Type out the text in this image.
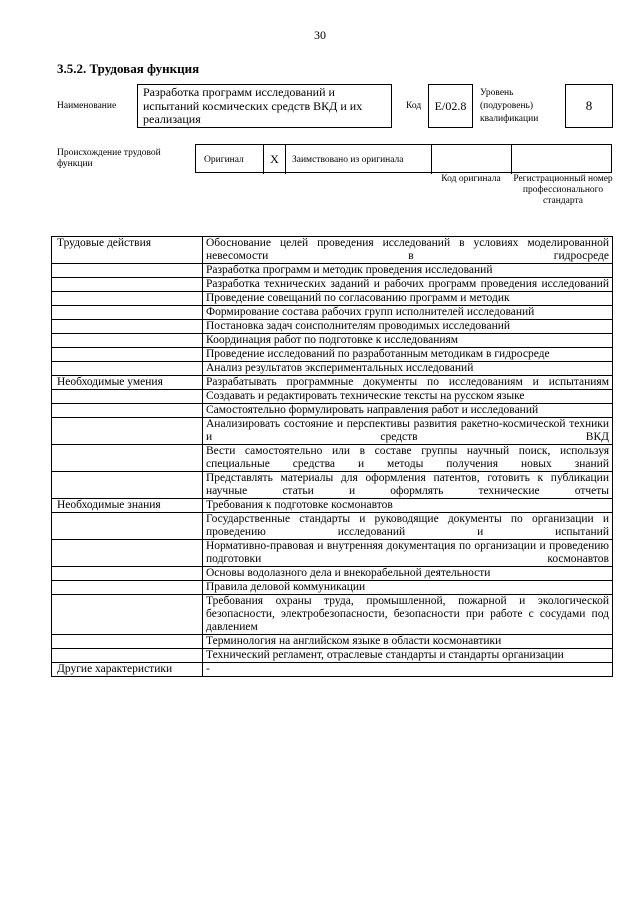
30
3.5.2. Трудовая функция
Наименование
Разработка программ исследований и испытаний космических средств ВКД и их реализация
Код	E/02.8
Уровень
(подуровень)
квалификации
8
Происхождение трудовой функции	Оригинал	X	Заимствовано из оригинала
Код оригинала	Регистрационный номер профессионального стандарта
Трудовые действия	Обоснование целей проведения исследований в условиях моделированной невесомости в гидросреде
	Разработка программ и методик проведения исследований
	Разработка технических заданий и рабочих программ проведения исследований
	Проведение совещаний по согласованию программ и методик
	Формирование состава рабочих групп исполнителей исследований
	Постановка задач соисполнителям проводимых исследований
	Координация работ по подготовке к исследованиям
	Проведение исследований по разработанным методикам в гидросреде
	Анализ результатов экспериментальных исследований
Необходимые умения	Разрабатывать программные документы по исследованиям и испытаниям
	Создавать и редактировать технические тексты на русском языке
	Самостоятельно формулировать направления работ и исследований
	Анализировать состояние и перспективы развития ракетно-космической техники и средств ВКД
	Вести самостоятельно или в составе группы научный поиск, используя специальные средства и методы получения новых знаний
	Представлять материалы для оформления патентов, готовить к публикации научные статьи и оформлять технические отчеты
Необходимые знания	Требования к подготовке космонавтов
	Государственные стандарты и руководящие документы по организации и проведению исследований и испытаний
	Нормативно-правовая и внутренняя документация по организации и проведению подготовки космонавтов
	Основы водолазного дела и внекорабельной деятельности
	Правила деловой коммуникации
	Требования охраны труда, промышленной, пожарной и экологической безопасности, электробезопасности, безопасности при работе с сосудами под давлением
	Терминология на английском языке в области космонавтики
	Технический регламент, отраслевые стандарты и стандарты организации
Другие характеристики	-
